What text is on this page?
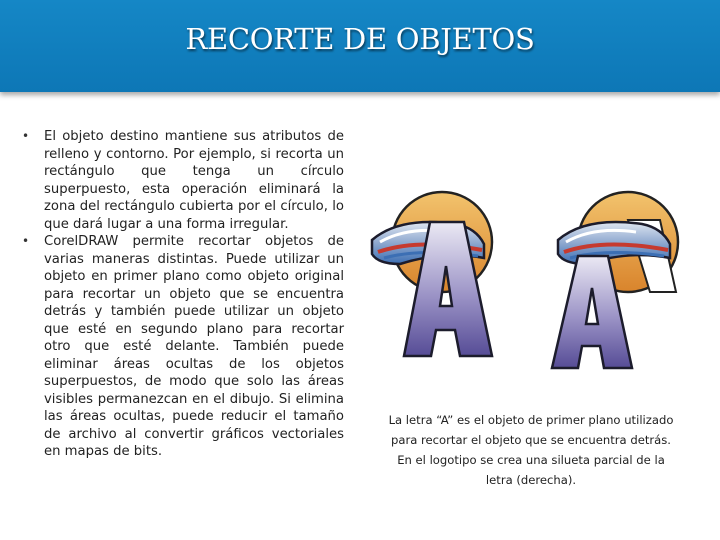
RECORTE DE OBJETOS
• El objeto destino mantiene sus atributos de relleno y contorno. Por ejemplo, si recorta un rectángulo que tenga un círculo superpuesto, esta operación eliminará la zona del rectángulo cubierta por el círculo, lo que dará lugar a una forma irregular.
• CorelDRAW permite recortar objetos de varias maneras distintas. Puede utilizar un objeto en primer plano como objeto original para recortar un objeto que se encuentra detrás y también puede utilizar un objeto que esté en segundo plano para recortar otro que esté delante. También puede eliminar áreas ocultas de los objetos superpuestos, de modo que solo las áreas visibles permanezcan en el dibujo. Si elimina las áreas ocultas, puede reducir el tamaño de archivo al convertir gráficos vectoriales en mapas de bits.
La letra “A” es el objeto de primer plano utilizado para recortar el objeto que se encuentra detrás. En el logotipo se crea una silueta parcial de la letra (derecha).
